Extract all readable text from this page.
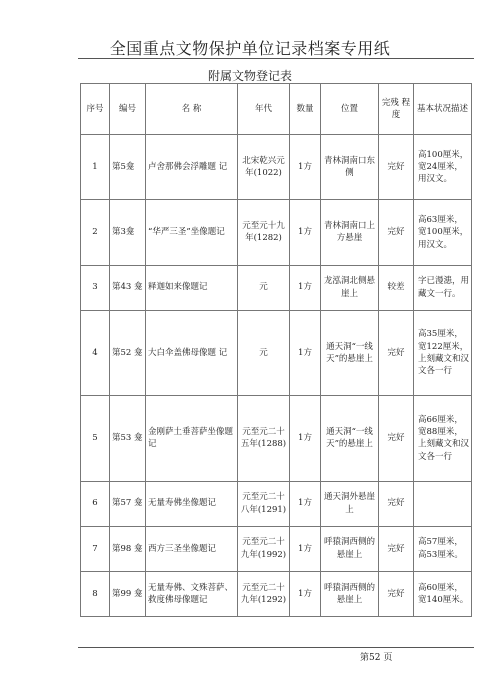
全国重点文物保护单位记录档案专用纸
附属文物登记表
序号	编号	名 称	年代	数量	位置	完残 程度	基本状况描述
1	第5龛	卢舍那佛会浮雕题 记	北宋乾兴元年(1022)	1方	青林洞南口东侧	完好	高100厘米，宽24厘米，用汉文。
2	第3龛	“华严三圣”坐像题记	元至元十九年(1282)	1方	青林洞南口上方悬崖	完好	高63厘米，宽100厘米，用汉文。
3	第43 龛	释迦如来像题记	元	1方	龙泓洞北侧悬崖上	较差	字已漫漶，用藏文一行。
4	第52 龛	大白伞盖佛母像题 记	元	1方	通天洞“一线天”的悬崖上	完好	高35厘米，宽122厘米，上刻藏文和汉文各一行
5	第53 龛	金刚萨土垂菩萨坐像题记	元至元二十五年(1288)	1方	通天洞“一线天”的悬崖上	完好	高66厘米，宽88厘米，上刻藏文和汉文各一行
6	第57 龛	无量寿佛坐像题记	元至元二十八年(1291)	1方	通天洞外悬崖上	完好	
7	第98 龛	西方三圣坐像题记	元至元二十九年(1992)	1方	呼猿洞西侧的悬崖上	完好	高57厘米，高53厘米。
8	第99 龛	无量寿佛、文殊菩萨、救度佛母像题记	元至元二十九年(1292)	1方	呼猿洞西侧的悬崖上	完好	高60厘米，宽140厘米。
第52 页
